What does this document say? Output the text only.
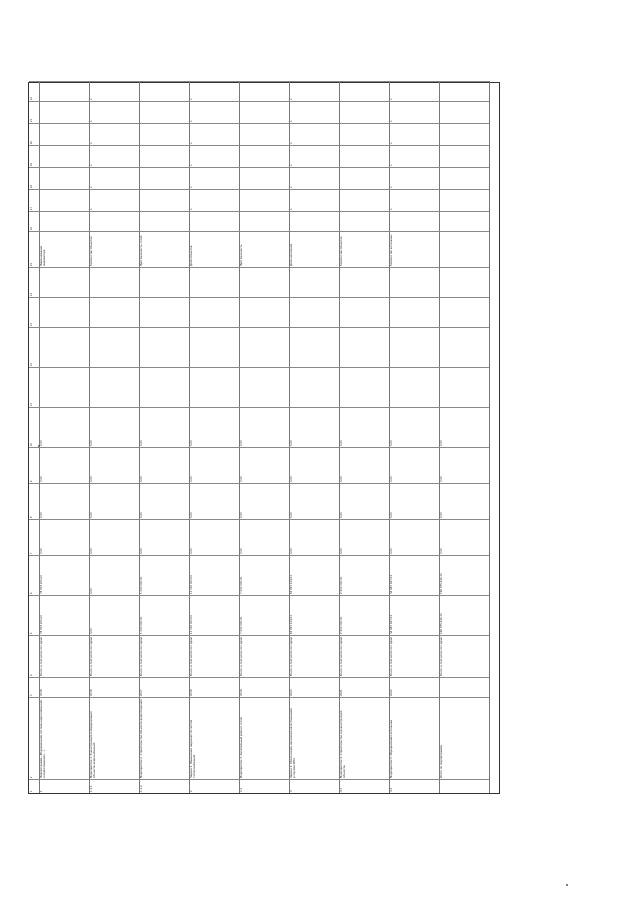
1
2
3
4
5
6
7
8
9
10
11
12
13
14
15
16
17
18
19
20
21
22
1
Подпрограмма «Модернизация системы водоснабжения и водоотведения ...»
2016
Всего, в том числе по годам
78 974 200,00
78 974 200,00
0,00
0,00
0,00
0,00
Наименование индикатора
1.1.1
Мероприятие 1. Реконструкция и модернизация объектов водоснабжения
2016
Всего, в том числе по годам
0,00
0,00
0,00
0,00
0,00
0,00
Количество объектов
x
x
x
x
x
x
1.1.2
Мероприятие 2. Строительство объектов водоотведения
2017
Всего, в том числе по годам
1 000 000,00
1 000 000,00
0,00
0,00
0,00
0,00
Протяженность сетей
2
Задача 2. Повышение надежности систем теплоснабжения
2018
Всего, в том числе по годам
11 000 000,00
11 000 000,00
0,00
0,00
0,00
0,00
Доля объектов
x
x
x
x
x
x
2.1
Мероприятие 3. Капитальный ремонт сетей
2019
Всего, в том числе по годам
7 000 000,00
7 000 000,00
0,00
0,00
0,00
0,00
Протяженность
3
Задача 3. Обеспечение населения качественными услугами ЖКХ
2020
Всего, в том числе по годам
63 821 123,01
63 821 123,01
0,00
0,00
0,00
0,00
Доля населения
x
x
x
x
x
x
3.1
Мероприятие 4. Строительство и реконструкция объектов
2021
Всего, в том числе по годам
2 500 000,00
2 500 000,00
0,00
0,00
0,00
0,00
Количество объектов
3.2
Мероприятие 5. Модернизация котельных
2022
Всего, в том числе по годам
34 987 447,03
34 987 447,03
0,00
0,00
0,00
0,00
Количество котельных
x
x
x
x
x
x
Итого по подпрограмме
Всего, в том числе по годам
198 765 432,10
198 765 432,10
0,00
0,00
0,00
0,00
